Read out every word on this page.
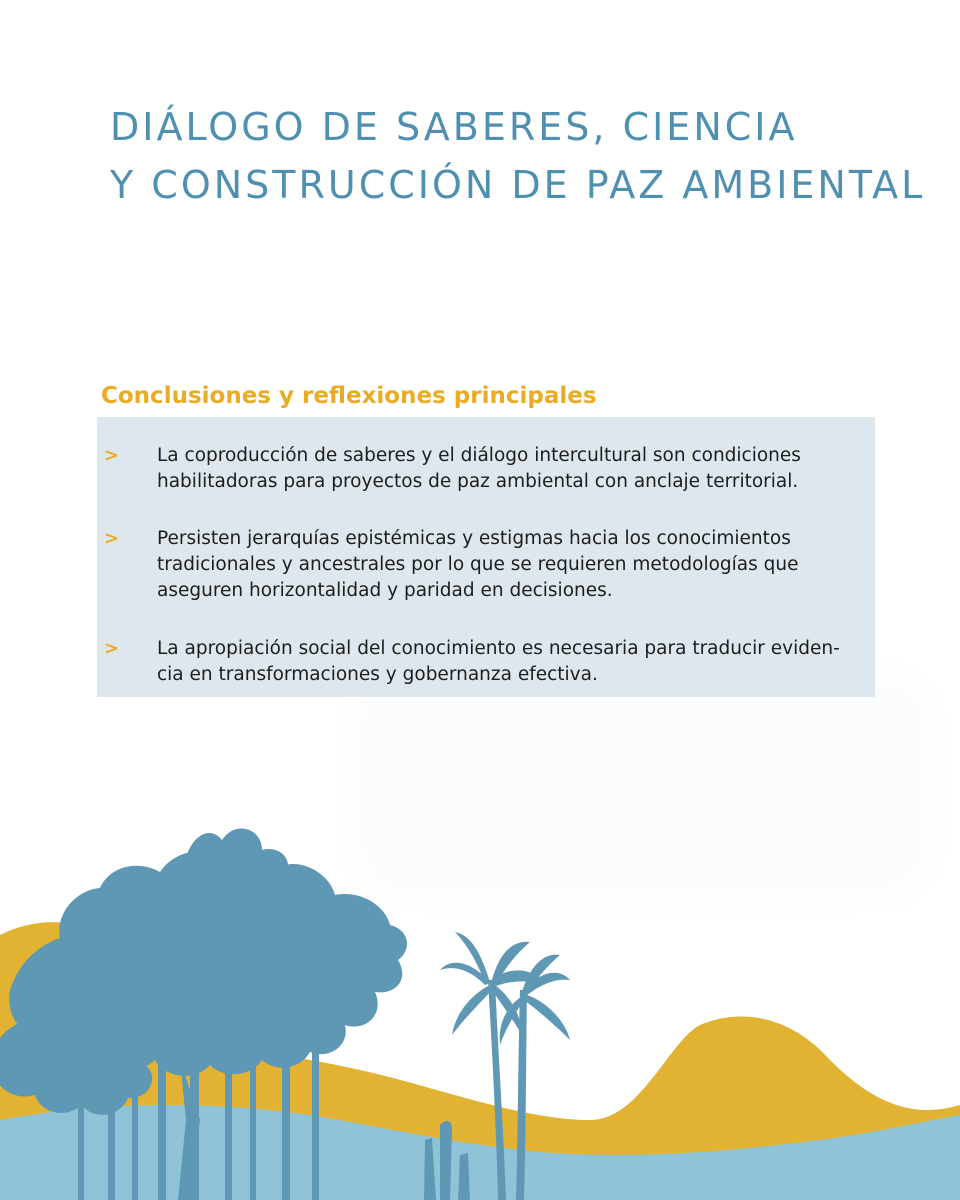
DIÁLOGO DE SABERES, CIENCIA
Y CONSTRUCCIÓN DE PAZ AMBIENTAL
Conclusiones y reflexiones principales
> La coproducción de saberes y el diálogo intercultural son condiciones
habilitadoras para proyectos de paz ambiental con anclaje territorial.

> Persisten jerarquías epistémicas y estigmas hacia los conocimientos
tradicionales y ancestrales por lo que se requieren metodologías que
aseguren horizontalidad y paridad en decisiones.

> La apropiación social del conocimiento es necesaria para traducir eviden-
cia en transformaciones y gobernanza efectiva.
